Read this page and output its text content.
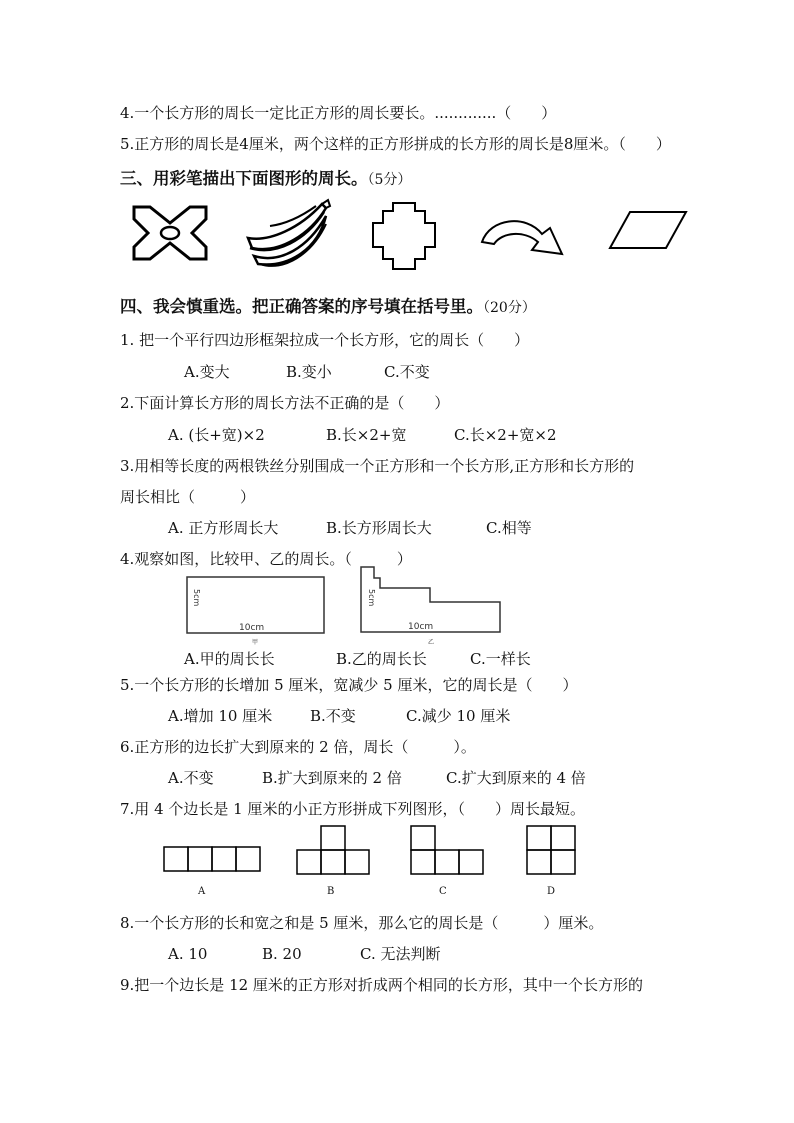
4.一个长方形的周长一定比正方形的周长要长。.............（　　）
5.正方形的周长是4厘米，两个这样的正方形拼成的长方形的周长是8厘米。（　　）
三、用彩笔描出下面图形的周长。（5分）
四、我会慎重选。把正确答案的序号填在括号里。（20分）
1. 把一个平行四边形框架拉成一个长方形，它的周长（　　）
A.变大	B.变小	C.不变
2.下面计算长方形的周长方法不正确的是（　　）
A. (长+宽)×2	B.长×2+宽	C.长×2+宽×2
3.用相等长度的两根铁丝分别围成一个正方形和一个长方形,正方形和长方形的
周长相比（　　　）
A. 正方形周长大	B.长方形周长大	C.相等
4.观察如图，比较甲、乙的周长。（　　　）
5cm
10cm
甲
5cm
10cm
乙
A.甲的周长长	B.乙的周长长	C.一样长
5.一个长方形的长增加 5 厘米，宽减少 5 厘米，它的周长是（　　）
A.增加 10 厘米	B.不变	C.减少 10 厘米
6.正方形的边长扩大到原来的 2 倍，周长（　　　）。
A.不变	B.扩大到原来的 2 倍	C.扩大到原来的 4 倍
7.用 4 个边长是 1 厘米的小正方形拼成下列图形，（　　）周长最短。
A	B	C	D
8.一个长方形的长和宽之和是 5 厘米，那么它的周长是（　　　）厘米。
A. 10	B. 20	C. 无法判断
9.把一个边长是 12 厘米的正方形对折成两个相同的长方形，其中一个长方形的
